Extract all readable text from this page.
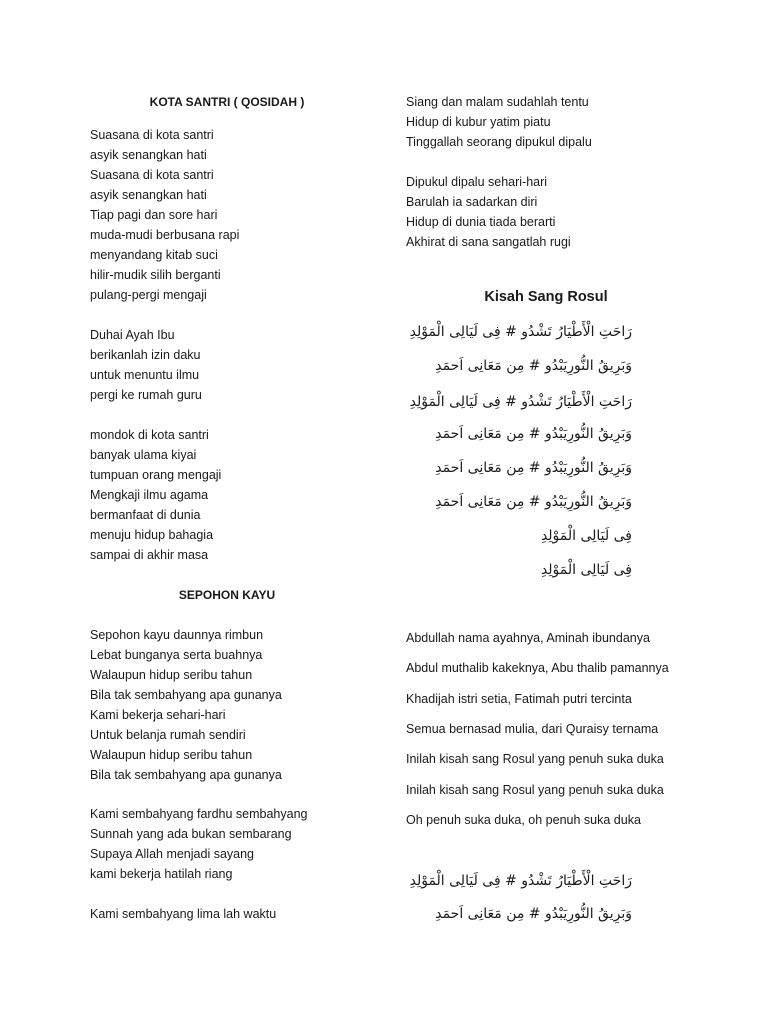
KOTA SANTRI ( QOSIDAH )
Suasana di kota santri
asyik senangkan hati
Suasana di kota santri
asyik senangkan hati
Tiap pagi dan sore hari
muda-mudi berbusana rapi
menyandang kitab suci
hilir-mudik silih berganti
pulang-pergi mengaji
Duhai Ayah Ibu
berikanlah izin daku
untuk menuntu ilmu
pergi ke rumah guru
mondok di kota santri
banyak ulama kiyai
tumpuan orang mengaji
Mengkaji ilmu agama
bermanfaat di dunia
menuju hidup bahagia
sampai di akhir masa
SEPOHON KAYU
Sepohon kayu daunnya rimbun
Lebat bunganya serta buahnya
Walaupun hidup seribu tahun
Bila tak sembahyang apa gunanya
Kami bekerja sehari-hari
Untuk belanja rumah sendiri
Walaupun hidup seribu tahun
Bila tak sembahyang apa gunanya
Kami sembahyang fardhu sembahyang
Sunnah yang ada bukan sembarang
Supaya Allah menjadi sayang
kami bekerja hatilah riang
Kami sembahyang lima lah waktu
Siang dan malam sudahlah tentu
Hidup di kubur yatim piatu
Tinggallah seorang dipukul dipalu
Dipukul dipalu sehari-hari
Barulah ia sadarkan diri
Hidup di dunia tiada berarti
Akhirat di sana sangatlah rugi
Kisah Sang Rosul
رَاحَتِ الْأَطْيَارُ تَشْدُو # فِى لَيَالِى الْمَوْلِدِ
وَبَرِيقُ النُّورِيَبْدُو # مِن مَعَانِى اَحمَدِ
رَاحَتِ الْأَطْيَارُ تَشْدُو # فِى لَيَالِى الْمَوْلِدِ
وَبَرِيقُ النُّورِيَبْدُو # مِن مَعَانِى اَحمَدِ
وَبَرِيقُ النُّورِيَبْدُو # مِن مَعَانِى اَحمَدِ
وَبَرِيقُ النُّورِيَبْدُو # مِن مَعَانِى اَحمَدِ
فِى لَيَالِى الْمَوْلِدِ
فِى لَيَالِى الْمَوْلِدِ
Abdullah nama ayahnya, Aminah ibundanya
Abdul muthalib kakeknya, Abu thalib pamannya
Khadijah istri setia, Fatimah putri tercinta
Semua bernasad mulia, dari Quraisy ternama
Inilah kisah sang Rosul yang penuh suka duka
Inilah kisah sang Rosul yang penuh suka duka
Oh penuh suka duka, oh penuh suka duka
رَاحَتِ الْأَطْيَارُ تَشْدُو # فِى لَيَالِى الْمَوْلِدِ
وَبَرِيقُ النُّورِيَبْدُو # مِن مَعَانِى اَحمَدِ
